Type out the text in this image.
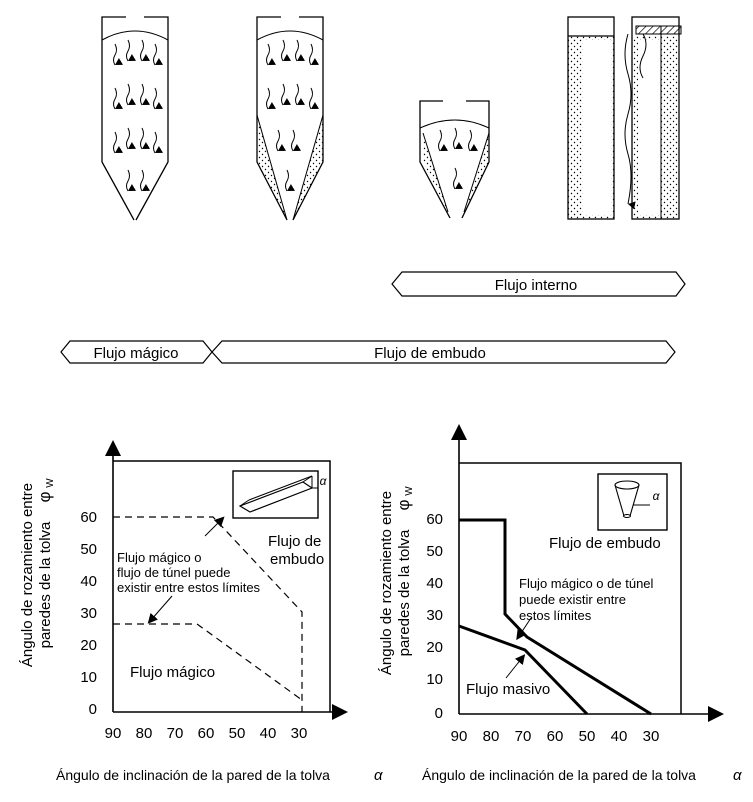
Flujo interno
Flujo mágico	Flujo de embudo
Ángulo de rozamiento entre paredes de la tolva
φ
W	α
60
50
40
30
20
10
0
90 80 70 60 50 40 30
Flujo de
embudo
Flujo mágico o
flujo de túnel puede
existir entre estos límites
Flujo mágico
Ángulo de inclinación de la pared de la tolva	α
Ángulo de rozamiento entre paredes de la tolva
φ
W	α
60
50
40
30
20
10
0
90 80 70 60 50 40 30
Flujo de embudo
Flujo mágico o de túnel
puede existir entre
estos límites
Flujo masivo
Ángulo de inclinación de la pared de la tolva α
